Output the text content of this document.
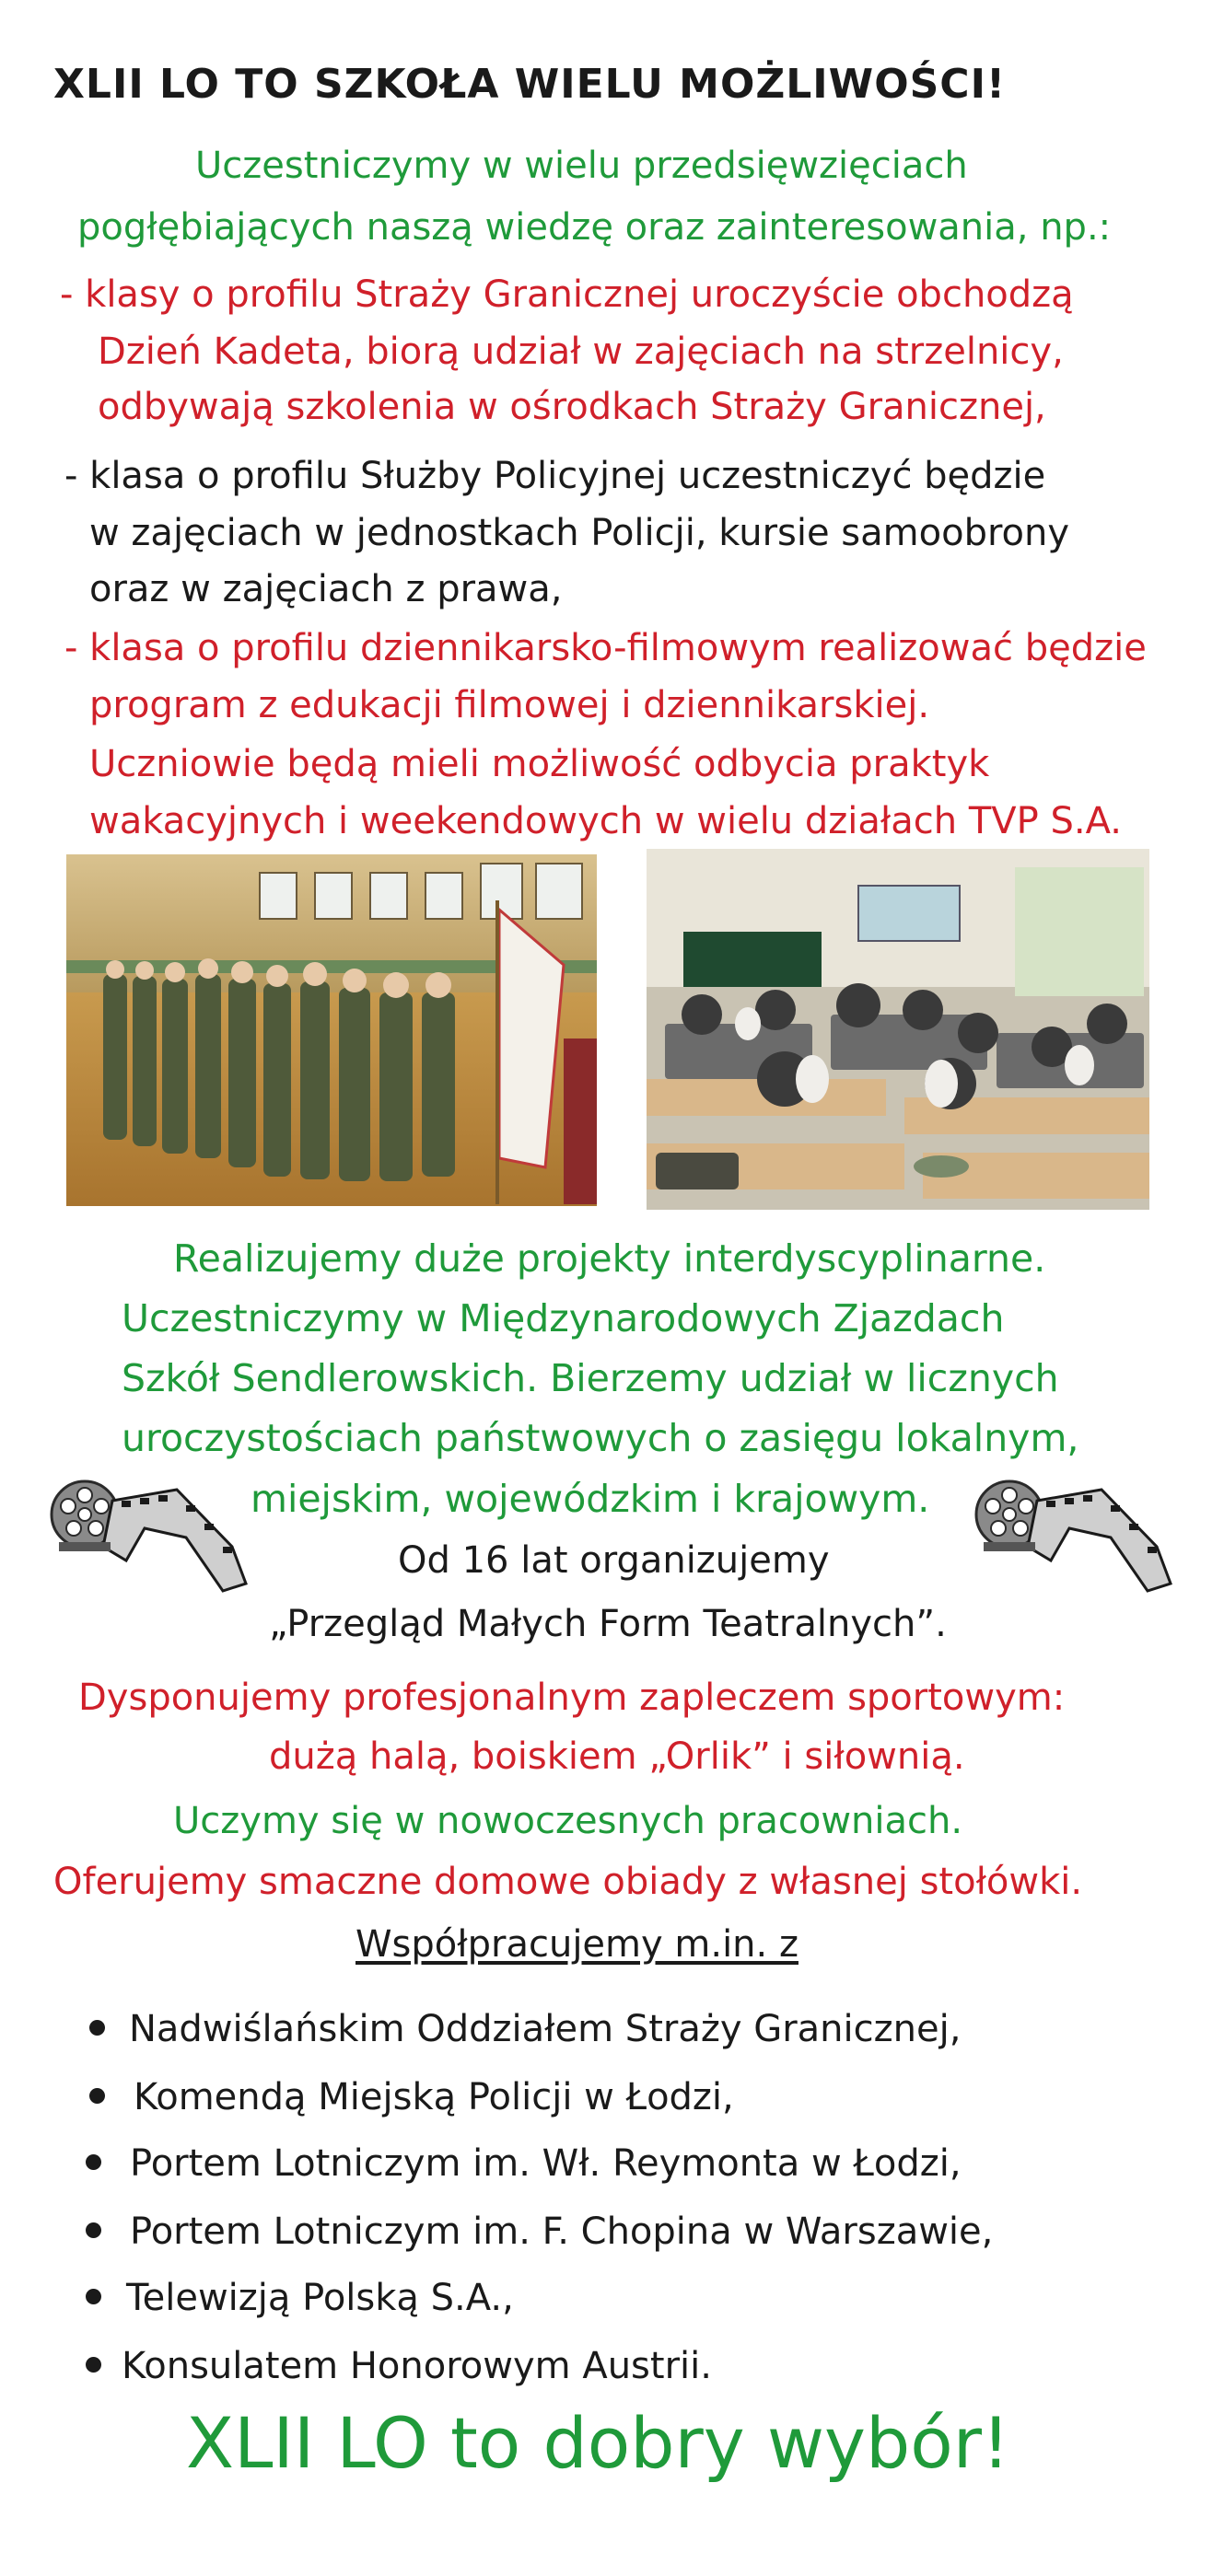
XLII LO TO SZKOŁA WIELU MOŻLIWOŚCI!
Uczestniczymy w wielu przedsięwzięciach
pogłębiających naszą wiedzę oraz zainteresowania, np.:
- klasy o profilu Straży Granicznej uroczyście obchodzą
Dzień Kadeta, biorą udział w zajęciach na strzelnicy,
odbywają szkolenia w ośrodkach Straży Granicznej,
- klasa o profilu Służby Policyjnej uczestniczyć będzie
w zajęciach w jednostkach Policji, kursie samoobrony
oraz w zajęciach z prawa,
- klasa o profilu dziennikarsko-filmowym realizować będzie
program z edukacji filmowej i dziennikarskiej.
Uczniowie będą mieli możliwość odbycia praktyk
wakacyjnych i weekendowych w wielu działach TVP S.A.
Realizujemy duże projekty interdyscyplinarne.
Uczestniczymy w Międzynarodowych Zjazdach
Szkół Sendlerowskich. Bierzemy udział w licznych
uroczystościach państwowych o zasięgu lokalnym,
miejskim, wojewódzkim i krajowym.
Od 16 lat organizujemy
„Przegląd Małych Form Teatralnych”.
Dysponujemy profesjonalnym zapleczem sportowym:
dużą halą, boiskiem „Orlik” i siłownią.
Uczymy się w nowoczesnych pracowniach.
Oferujemy smaczne domowe obiady z własnej stołówki.
Współpracujemy m.in. z
Nadwiślańskim Oddziałem Straży Granicznej,
Komendą Miejską Policji w Łodzi,
Portem Lotniczym im. Wł. Reymonta w Łodzi,
Portem Lotniczym im. F. Chopina w Warszawie,
Telewizją Polską S.A.,
Konsulatem Honorowym Austrii.
XLII LO to dobry wybór!
